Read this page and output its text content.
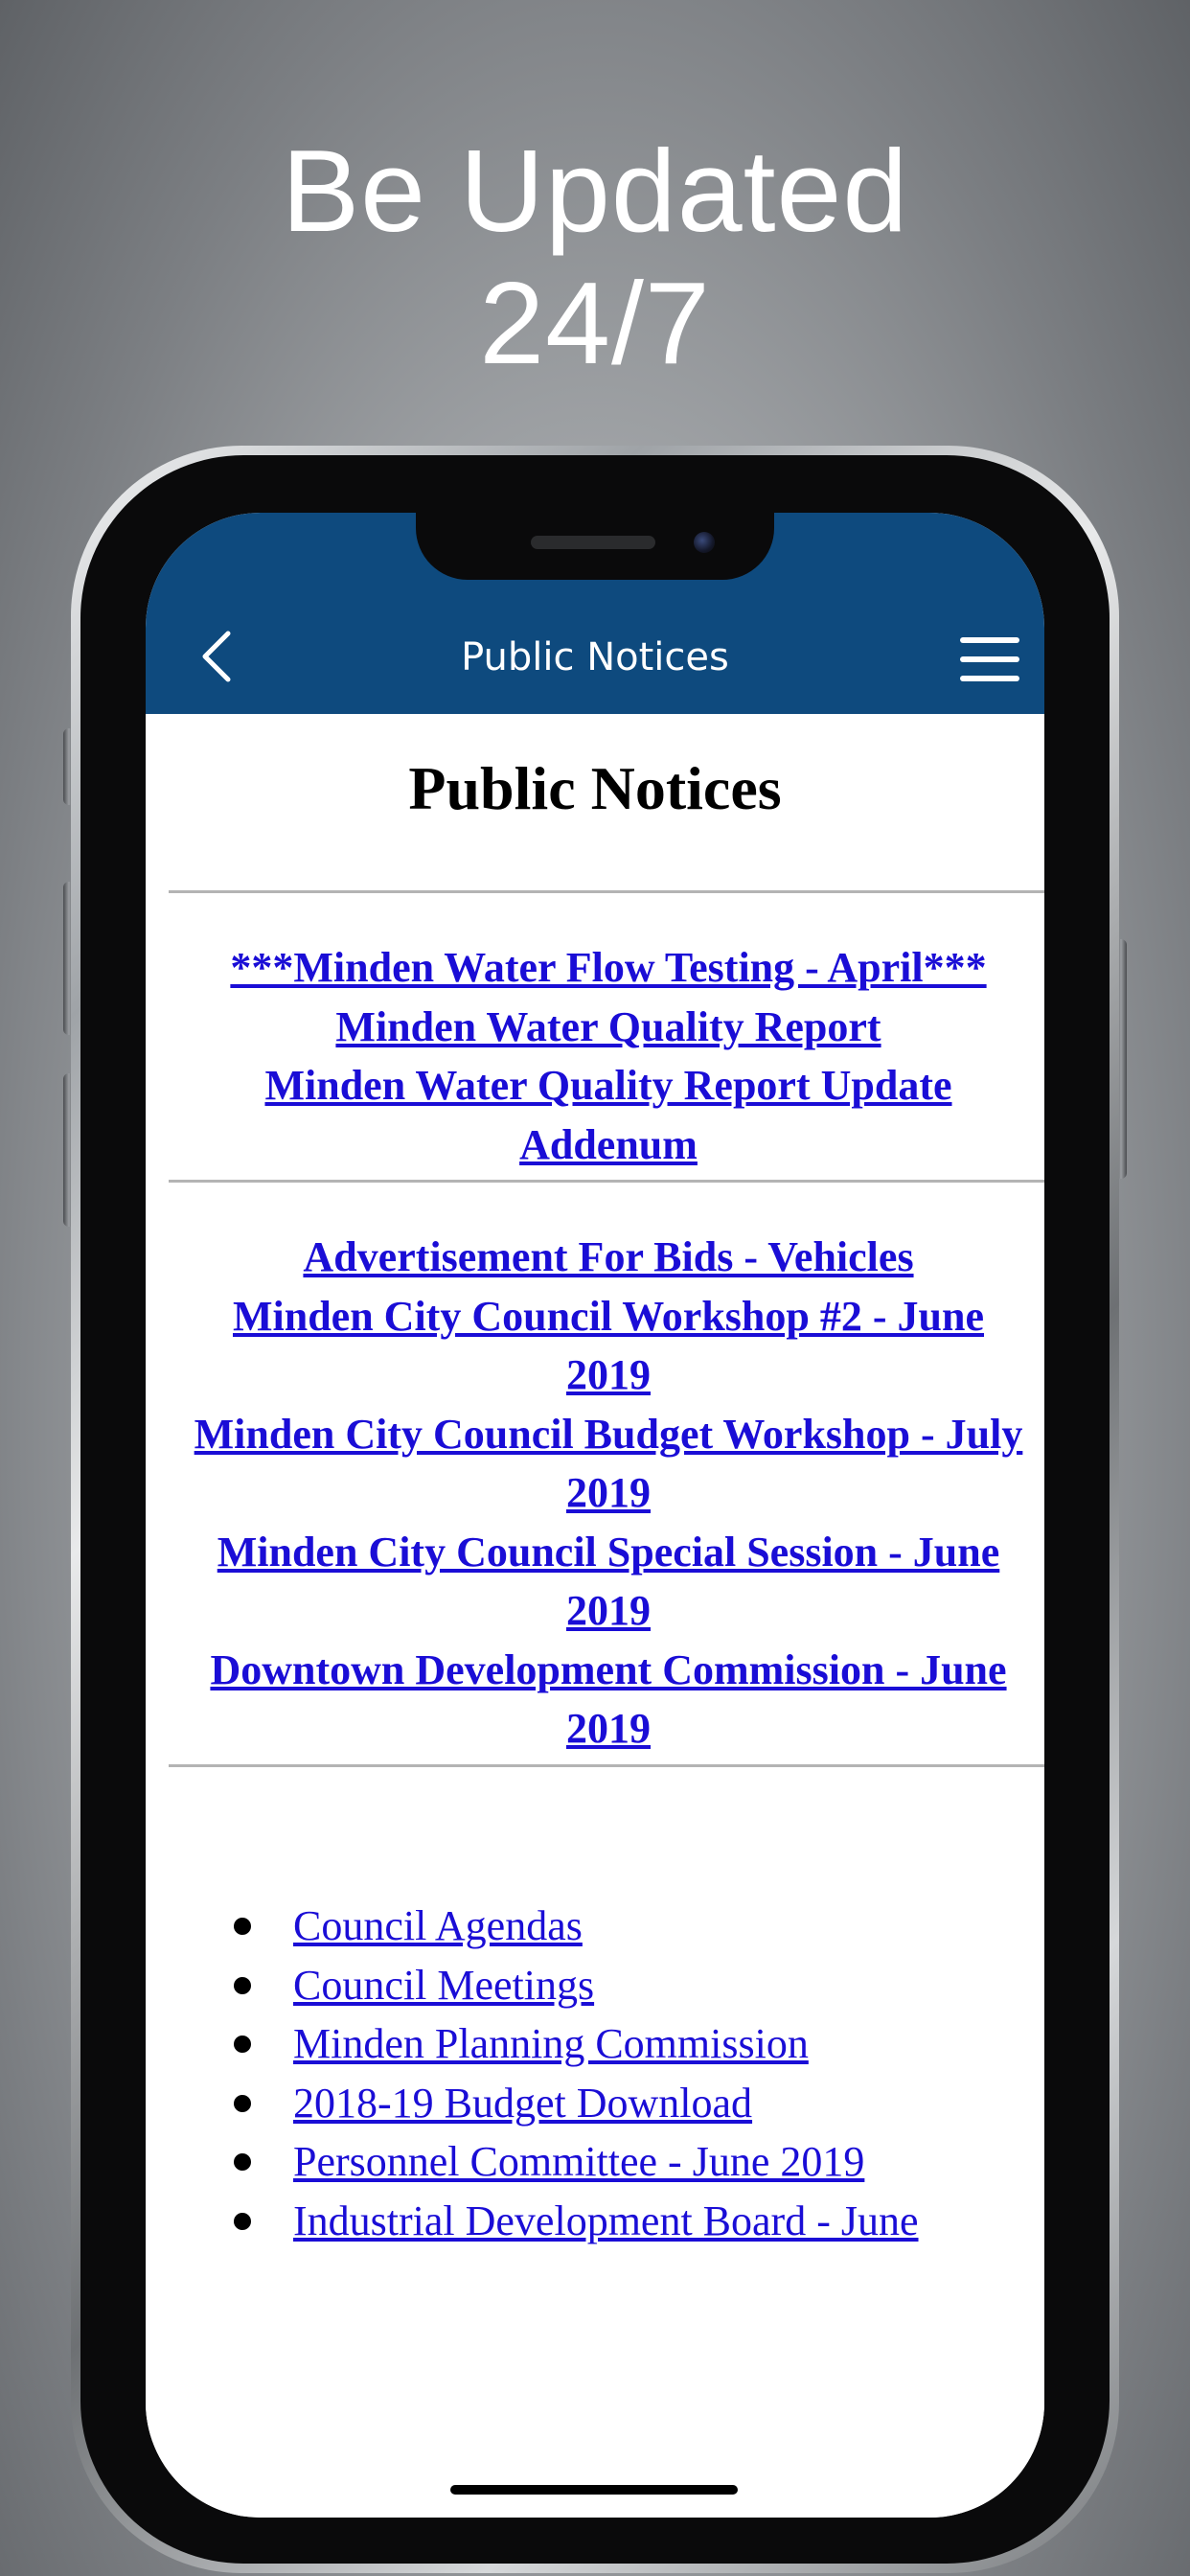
Be Updated
24/7
Public Notices
Public Notices
***Minden Water Flow Testing - April***
Minden Water Quality Report
Minden Water Quality Report Update Addenum
Advertisement For Bids - Vehicles
Minden City Council Workshop #2 - June 2019
Minden City Council Budget Workshop - July 2019
Minden City Council Special Session - June 2019
Downtown Development Commission - June 2019
Council Agendas
Council Meetings
Minden Planning Commission
2018-19 Budget Download
Personnel Committee - June 2019
Industrial Development Board - June
